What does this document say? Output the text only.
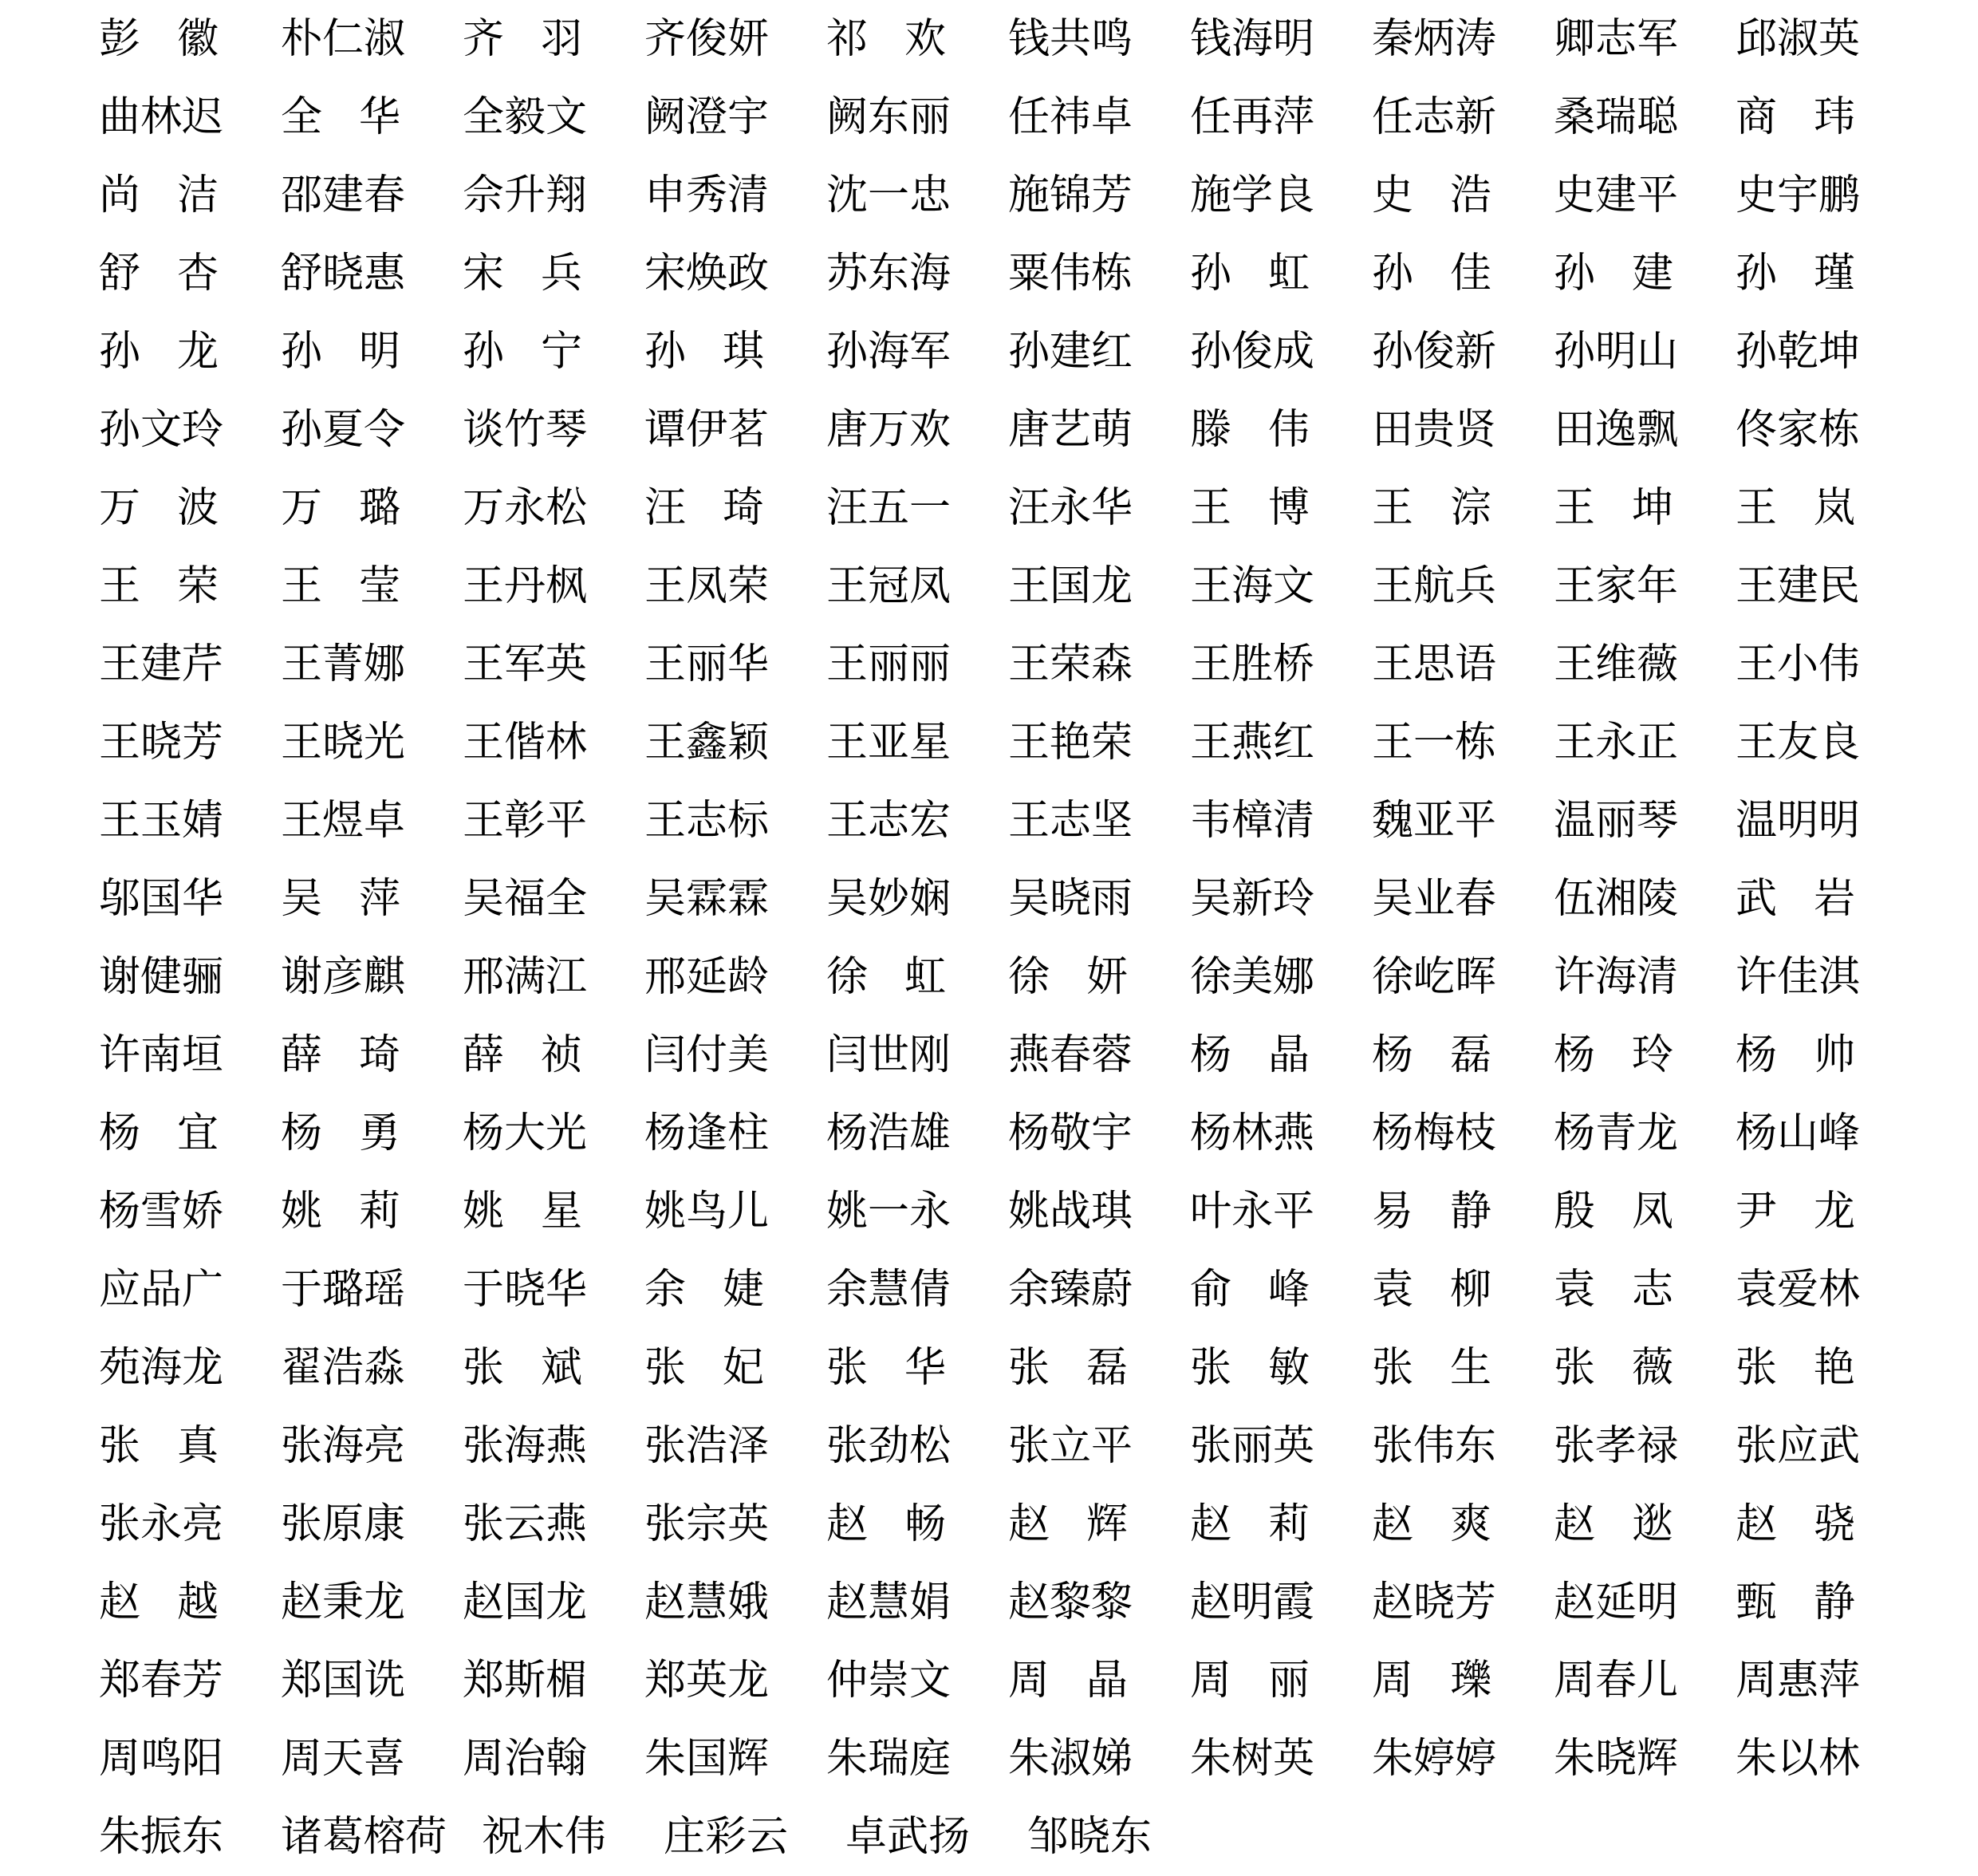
彭 徽 朴仁淑 齐 羽 齐俊妍 祁 欢 钱共鸣 钱海明 秦炳涛 卿志军 邱淑英
曲林迟 全 华 全毅文 阙澄宇 阙东丽 任祎卓 任再萍 任志新 桑瑞聪 商 玮
尚 洁 邵建春 佘升翔 申秀清 沈一忠 施锦芳 施学良 史 浩 史建平 史宇鹏
舒 杏 舒晓惠 宋 兵 宋焕政 苏东海 粟伟栋 孙 虹 孙 佳 孙 建 孙 瑾
孙 龙 孙 明 孙 宁 孙 琪 孙海军 孙建红 孙俊成 孙俊新 孙明山 孙乾坤
孙文玲 孙夏令 谈竹琴 谭伊茗 唐万欢 唐艺萌 滕 伟 田贵贤 田逸飘 佟家栋
万 波 万 璐 万永松 汪 琦 汪五一 汪永华 王 博 王 淙 王 坤 王 岚
王 荣 王 莹 王丹枫 王凤荣 王冠凤 王国龙 王海文 王航兵 王家年 王建民
王建芹 王菁娜 王军英 王丽华 王丽丽 王荣森 王胜桥 王思语 王维薇 王小伟
王晓芳 王晓光 王偕林 王鑫颖 王亚星 王艳荣 王燕红 王一栋 王永正 王友良
王玉婧 王煜卓 王彰平 王志标 王志宏 王志坚 韦樟清 魏亚平 温丽琴 温明明
邬国华 吴 萍 吴福全 吴霖霖 吴妙娴 吴晓雨 吴新玲 吴业春 伍湘陵 武 岩
谢健骊 谢彦麒 邢满江 邢延龄 徐 虹 徐 妍 徐美娜 徐屹晖 许海清 许佳淇
许南垣 薛 琦 薛 祯 闫付美 闫世刚 燕春蓉 杨 晶 杨 磊 杨 玲 杨 帅
杨 宜 杨 勇 杨大光 杨逢柱 杨浩雄 杨敬宇 杨林燕 杨梅枝 杨青龙 杨山峰
杨雪娇 姚 莉 姚 星 姚鸟儿 姚一永 姚战琪 叶永平 易 静 殷 凤 尹 龙
应品广 于璐瑶 于晓华 余 婕 余慧倩 余臻蔚 俞 峰 袁 柳 袁 志 袁爱林
苑海龙 翟浩淼 张 斌 张 妃 张 华 张 磊 张 敏 张 生 张 薇 张 艳
张 真 张海亮 张海燕 张浩泽 张劲松 张立平 张丽英 张伟东 张孝禄 张应武
张永亮 张原康 张云燕 张宗英 赵 畅 赵 辉 赵 莉 赵 爽 赵 逖 赵 骁
赵 越 赵秉龙 赵国龙 赵慧娥 赵慧娟 赵黎黎 赵明霞 赵晓芳 赵延明 甄 静
郑春芳 郑国诜 郑斯楣 郑英龙 仲崇文 周 晶 周 丽 周 瓅 周春儿 周惠萍
周鸣阳 周天喜 周治翰 朱国辉 朱瑞庭 朱淑娣 朱树英 朱婷婷 朱晓辉 朱以林
朱振东 诸葛榕荷 祝木伟 庄彩云 卓武扬 邹晓东
